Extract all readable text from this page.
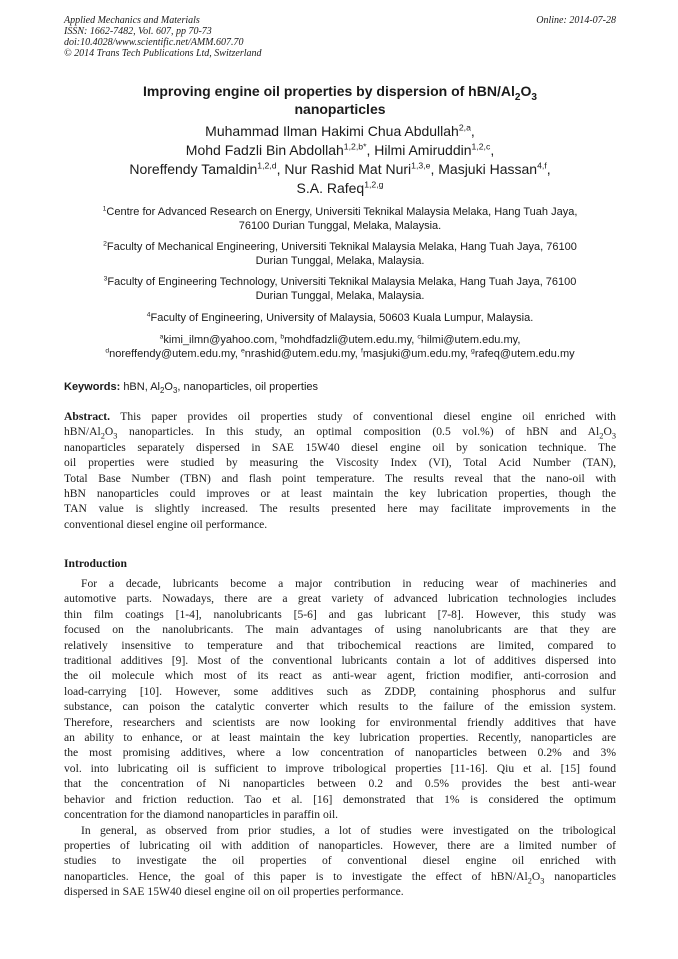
Applied Mechanics and Materials
ISSN: 1662-7482, Vol. 607, pp 70-73
doi:10.4028/www.scientific.net/AMM.607.70
© 2014 Trans Tech Publications Ltd, Switzerland
Online: 2014-07-28
Improving engine oil properties by dispersion of hBN/$Al_2O_3$
nanoparticles
Muhammad Ilman Hakimi Chua Abdullah$^{2,a}$,
Mohd Fadzli Bin Abdollah$^{1,2,b*}$, Hilmi Amiruddin$^{1,2,c}$,
Noreffendy Tamaldin$^{1,2,d}$, Nur Rashid Mat Nuri$^{1,3,e}$, Masjuki Hassan$^{4,f}$,
S.A. Rafeq$^{1,2,g}$
$^1$Centre for Advanced Research on Energy, Universiti Teknikal Malaysia Melaka, Hang Tuah Jaya,
76100 Durian Tunggal, Melaka, Malaysia.
$^2$Faculty of Mechanical Engineering, Universiti Teknikal Malaysia Melaka, Hang Tuah Jaya, 76100
Durian Tunggal, Melaka, Malaysia.
$^3$Faculty of Engineering Technology, Universiti Teknikal Malaysia Melaka, Hang Tuah Jaya, 76100
Durian Tunggal, Melaka, Malaysia.
$^4$Faculty of Engineering, University of Malaysia, 50603 Kuala Lumpur, Malaysia.
$^a$kimi_ilmn@yahoo.com, $^b$mohdfadzli@utem.edu.my, $^c$hilmi@utem.edu.my,
$^d$noreffendy@utem.edu.my, $^e$nrashid@utem.edu.my, $^f$masjuki@um.edu.my, $^g$rafeq@utem.edu.my
Keywords: hBN, $Al_2O_3$, nanoparticles, oil properties
Abstract. This paper provides oil properties study of conventional diesel engine oil enriched with
hBN/$Al_2O_3$ nanoparticles. In this study, an optimal composition (0.5 vol.%) of hBN and $Al_2O_3$
nanoparticles separately dispersed in SAE 15W40 diesel engine oil by sonication technique. The
oil properties were studied by measuring the Viscosity Index (VI), Total Acid Number (TAN),
Total Base Number (TBN) and flash point temperature. The results reveal that the nano-oil with
hBN nanoparticles could improves or at least maintain the key lubrication properties, though the
TAN value is slightly increased. The results presented here may facilitate improvements in the
conventional diesel engine oil performance.
Introduction
For a decade, lubricants become a major contribution in reducing wear of machineries and
automotive parts. Nowadays, there are a great variety of advanced lubrication technologies includes
thin film coatings [1-4], nanolubricants [5-6] and gas lubricant [7-8]. However, this study was
focused on the nanolubricants. The main advantages of using nanolubricants are that they are
relatively insensitive to temperature and that tribochemical reactions are limited, compared to
traditional additives [9]. Most of the conventional lubricants contain a lot of additives dispersed into
the oil molecule which most of its react as anti-wear agent, friction modifier, anti-corrosion and
load-carrying [10]. However, some additives such as ZDDP, containing phosphorus and sulfur
substance, can poison the catalytic converter which results to the failure of the emission system.
Therefore, researchers and scientists are now looking for environmental friendly additives that have
an ability to enhance, or at least maintain the key lubrication properties. Recently, nanoparticles are
the most promising additives, where a low concentration of nanoparticles between 0.2% and 3%
vol. into lubricating oil is sufficient to improve tribological properties [11-16]. Qiu et al. [15] found
that the concentration of Ni nanoparticles between 0.2 and 0.5% provides the best anti-wear
behavior and friction reduction. Tao et al. [16] demonstrated that 1% is considered the optimum
concentration for the diamond nanoparticles in paraffin oil.
In general, as observed from prior studies, a lot of studies were investigated on the tribological
properties of lubricating oil with addition of nanoparticles. However, there are a limited number of
studies to investigate the oil properties of conventional diesel engine oil enriched with
nanoparticles. Hence, the goal of this paper is to investigate the effect of hBN/$Al_2O_3$ nanoparticles
dispersed in SAE 15W40 diesel engine oil on oil properties performance.
